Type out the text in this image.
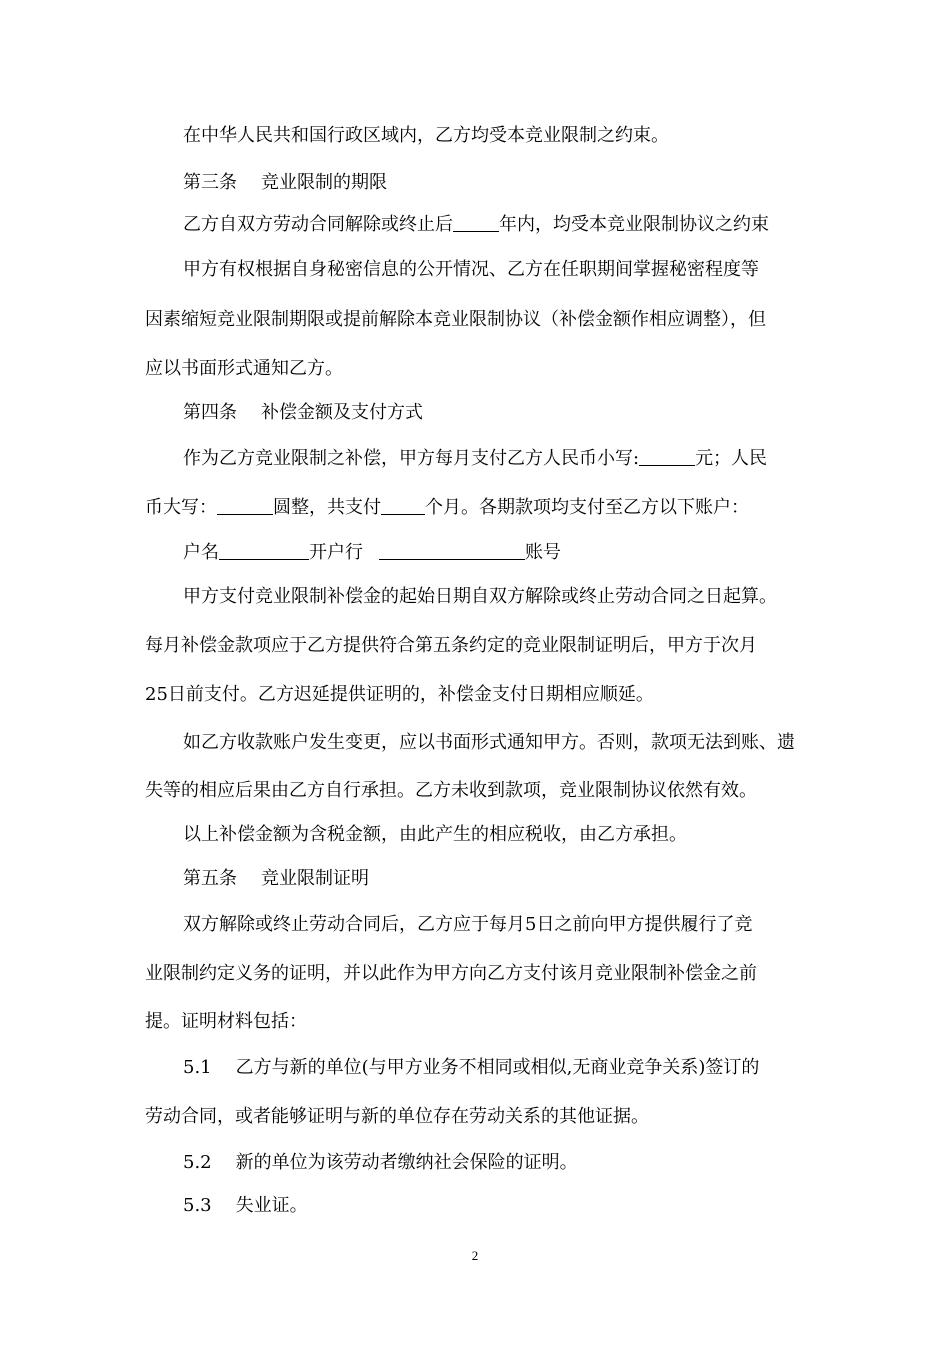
在中华人民共和国行政区域内，乙方均受本竞业限制之约束。
第三条 竞业限制的期限
乙方自双方劳动合同解除或终止后	年内，均受本竞业限制协议之约束
甲方有权根据自身秘密信息的公开情况、乙方在任职期间掌握秘密程度等
因素缩短竞业限制期限或提前解除本竞业限制协议（补偿金额作相应调整），但
应以书面形式通知乙方。
第四条 补偿金额及支付方式
作为乙方竞业限制之补偿，甲方每月支付乙方人民币小写:	元；人民
币大写：	圆整，共支付 个月。各期款项均支付至乙方以下账户：
户名	开户行	账号
甲方支付竞业限制补偿金的起始日期自双方解除或终止劳动合同之日起算。
每月补偿金款项应于乙方提供符合第五条约定的竞业限制证明后，甲方于次月
25日前支付。乙方迟延提供证明的，补偿金支付日期相应顺延。
如乙方收款账户发生变更，应以书面形式通知甲方。否则，款项无法到账、遗
失等的相应后果由乙方自行承担。乙方未收到款项，竞业限制协议依然有效。
以上补偿金额为含税金额，由此产生的相应税收，由乙方承担。
第五条 竞业限制证明
双方解除或终止劳动合同后，乙方应于每月5日之前向甲方提供履行了竞
业限制约定义务的证明，并以此作为甲方向乙方支付该月竞业限制补偿金之前
提。证明材料包括：
5.1 乙方与新的单位(与甲方业务不相同或相似,无商业竞争关系)签订的
劳动合同，或者能够证明与新的单位存在劳动关系的其他证据。
5.2 新的单位为该劳动者缴纳社会保险的证明。
5.3 失业证。
2
